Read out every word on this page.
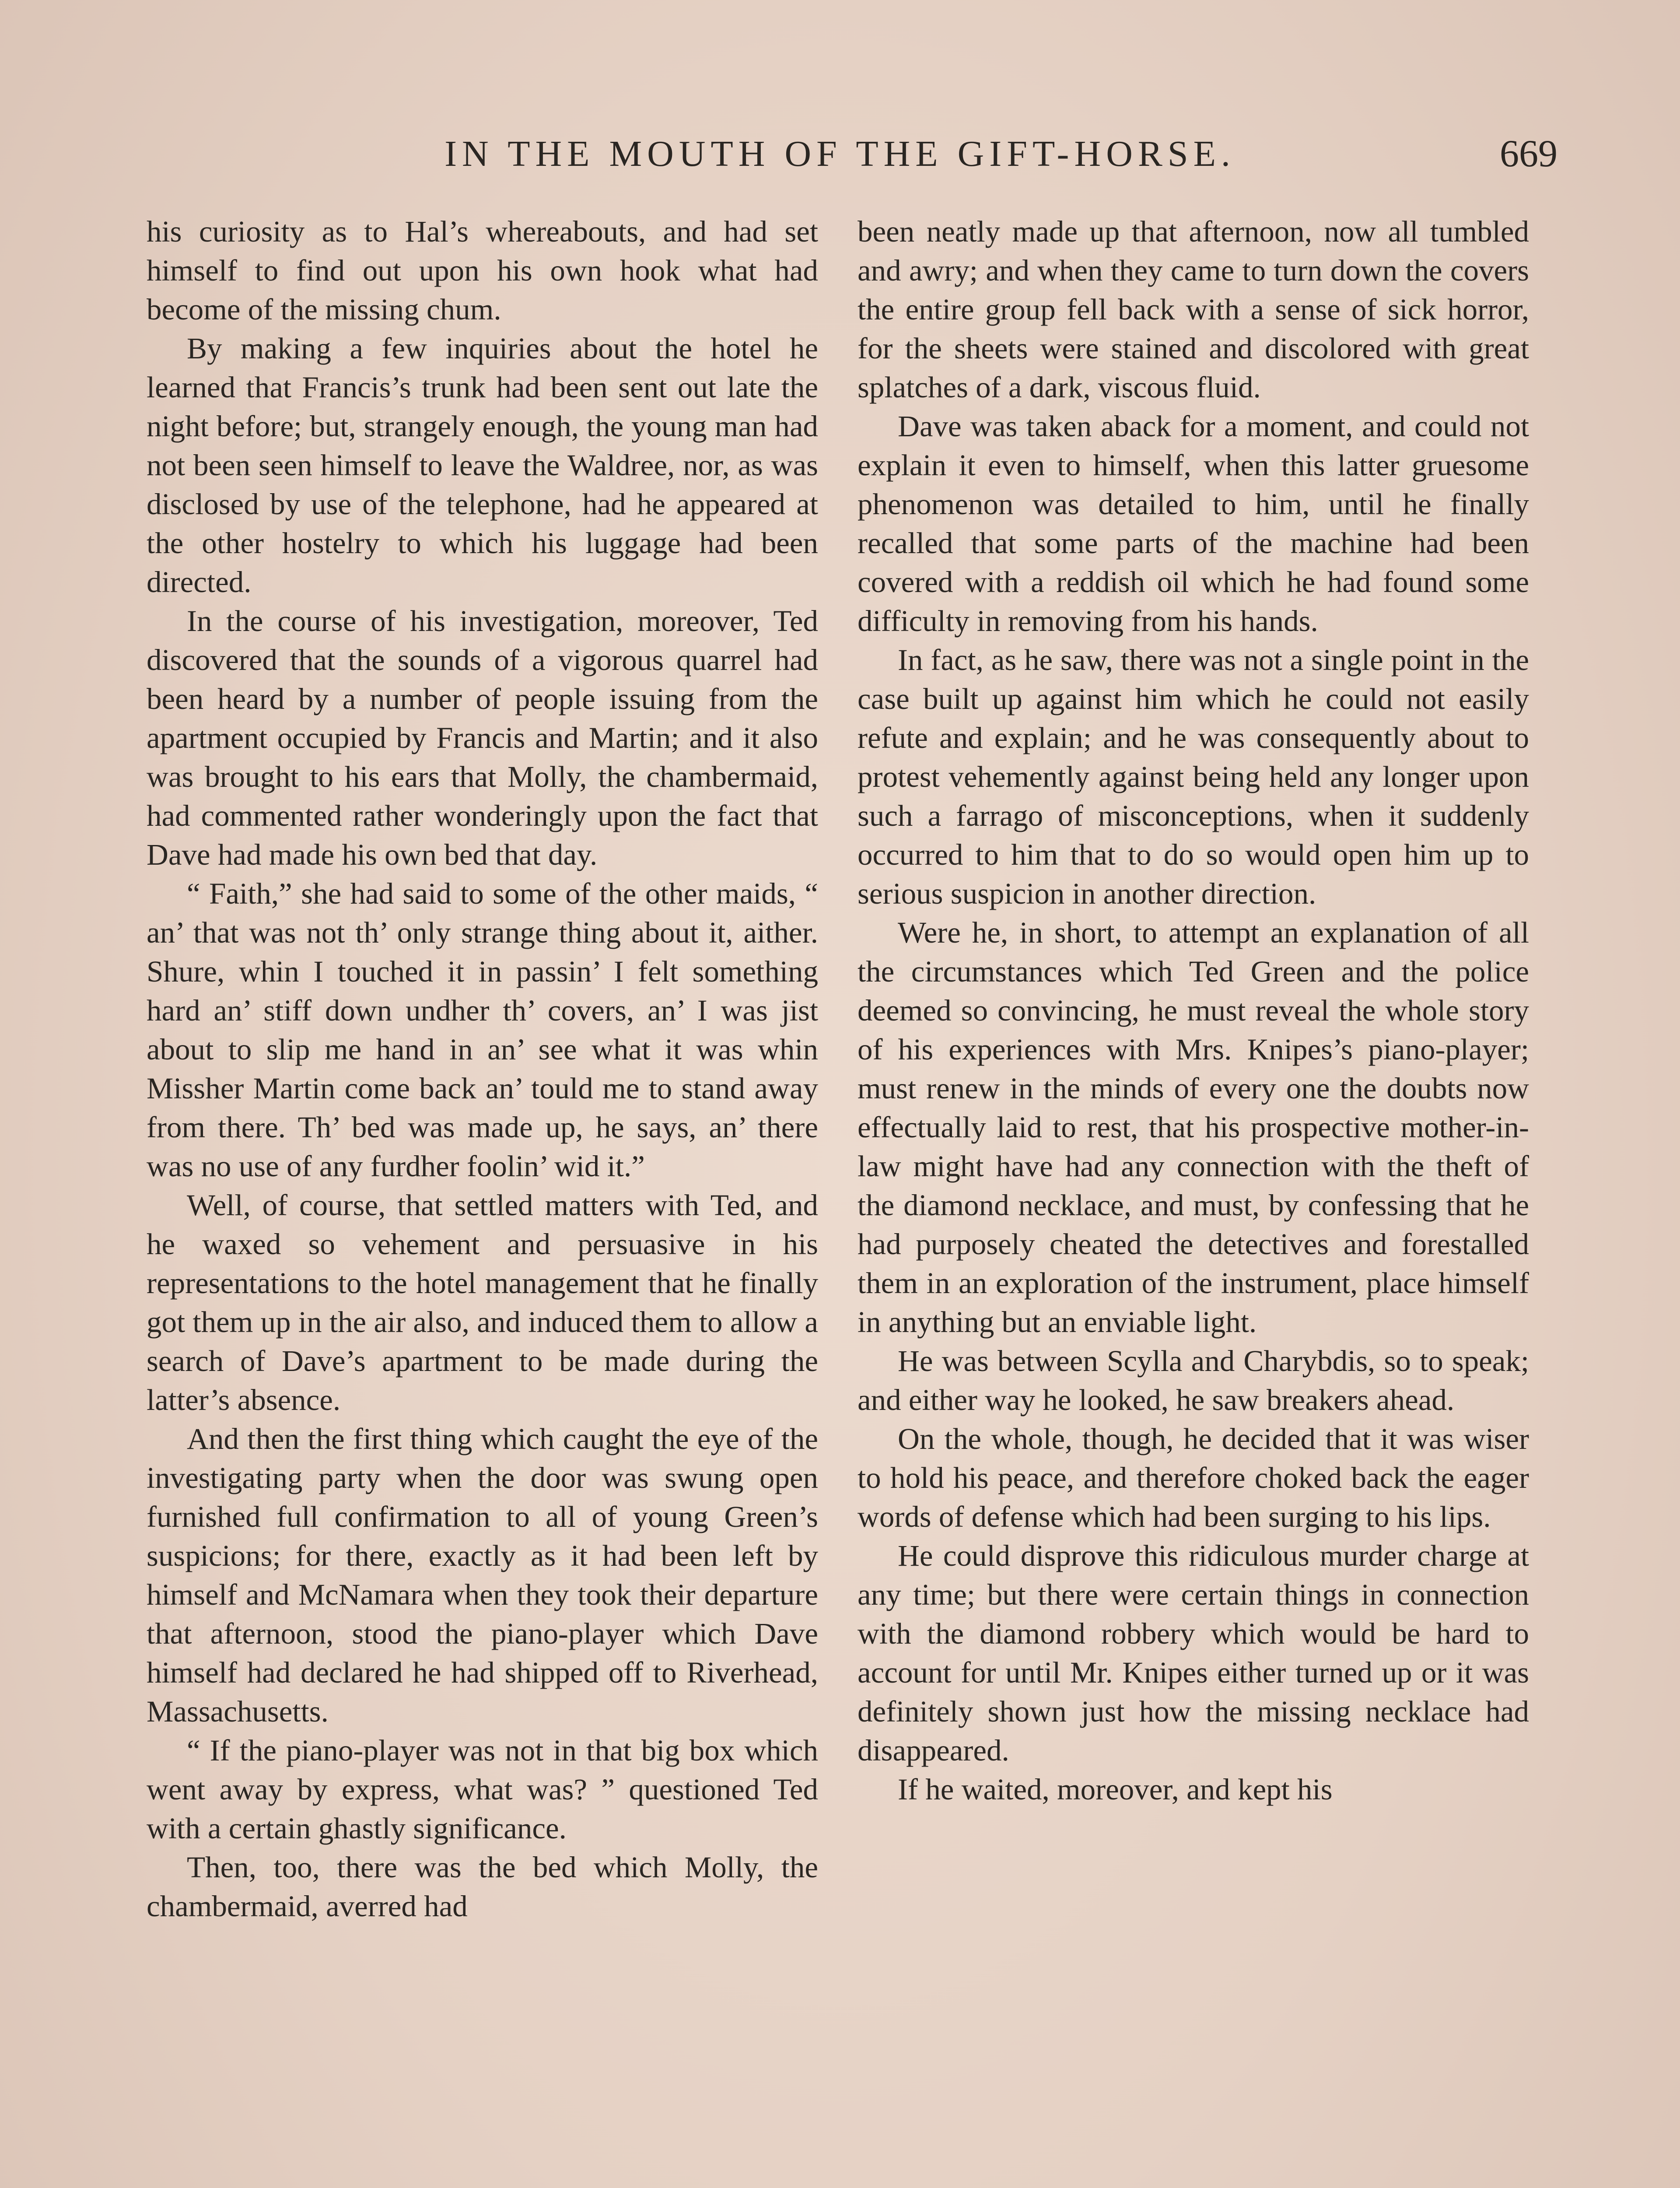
IN THE MOUTH OF THE GIFT-HORSE.	669

his curiosity as to Hal’s whereabouts, and had set himself to find out upon his own hook what had become of the missing chum.

By making a few inquiries about the hotel he learned that Francis’s trunk had been sent out late the night before; but, strangely enough, the young man had not been seen himself to leave the Waldree, nor, as was disclosed by use of the telephone, had he appeared at the other hostelry to which his luggage had been directed.

In the course of his investigation, moreover, Ted discovered that the sounds of a vigorous quarrel had been heard by a number of people issuing from the apartment occupied by Francis and Martin; and it also was brought to his ears that Molly, the chambermaid, had commented rather wonderingly upon the fact that Dave had made his own bed that day.

“ Faith,” she had said to some of the other maids, “ an’ that was not th’ only strange thing about it, aither. Shure, whin I touched it in passin’ I felt something hard an’ stiff down undher th’ covers, an’ I was jist about to slip me hand in an’ see what it was whin Missher Martin come back an’ tould me to stand away from there. Th’ bed was made up, he says, an’ there was no use of any furdher foolin’ wid it.”

Well, of course, that settled matters with Ted, and he waxed so vehement and persuasive in his representations to the hotel management that he finally got them up in the air also, and induced them to allow a search of Dave’s apartment to be made during the latter’s absence.

And then the first thing which caught the eye of the investigating party when the door was swung open furnished full confirmation to all of young Green’s suspicions; for there, exactly as it had been left by himself and McNamara when they took their departure that afternoon, stood the piano-player which Dave himself had declared he had shipped off to Riverhead, Massachusetts.

“ If the piano-player was not in that big box which went away by express, what was? ” questioned Ted with a certain ghastly significance.

Then, too, there was the bed which Molly, the chambermaid, averred had

been neatly made up that afternoon, now all tumbled and awry; and when they came to turn down the covers the entire group fell back with a sense of sick horror, for the sheets were stained and discolored with great splatches of a dark, viscous fluid.

Dave was taken aback for a moment, and could not explain it even to himself, when this latter gruesome phenomenon was detailed to him, until he finally recalled that some parts of the machine had been covered with a reddish oil which he had found some difficulty in removing from his hands.

In fact, as he saw, there was not a single point in the case built up against him which he could not easily refute and explain; and he was consequently about to protest vehemently against being held any longer upon such a farrago of misconceptions, when it suddenly occurred to him that to do so would open him up to serious suspicion in another direction.

Were he, in short, to attempt an explanation of all the circumstances which Ted Green and the police deemed so convincing, he must reveal the whole story of his experiences with Mrs. Knipes’s piano-player; must renew in the minds of every one the doubts now effectually laid to rest, that his prospective mother-in-law might have had any connection with the theft of the diamond necklace, and must, by confessing that he had purposely cheated the detectives and forestalled them in an exploration of the instrument, place himself in anything but an enviable light.

He was between Scylla and Charybdis, so to speak; and either way he looked, he saw breakers ahead.

On the whole, though, he decided that it was wiser to hold his peace, and therefore choked back the eager words of defense which had been surging to his lips.

He could disprove this ridiculous murder charge at any time; but there were certain things in connection with the diamond robbery which would be hard to account for until Mr. Knipes either turned up or it was definitely shown just how the missing necklace had disappeared.

If he waited, moreover, and kept his
